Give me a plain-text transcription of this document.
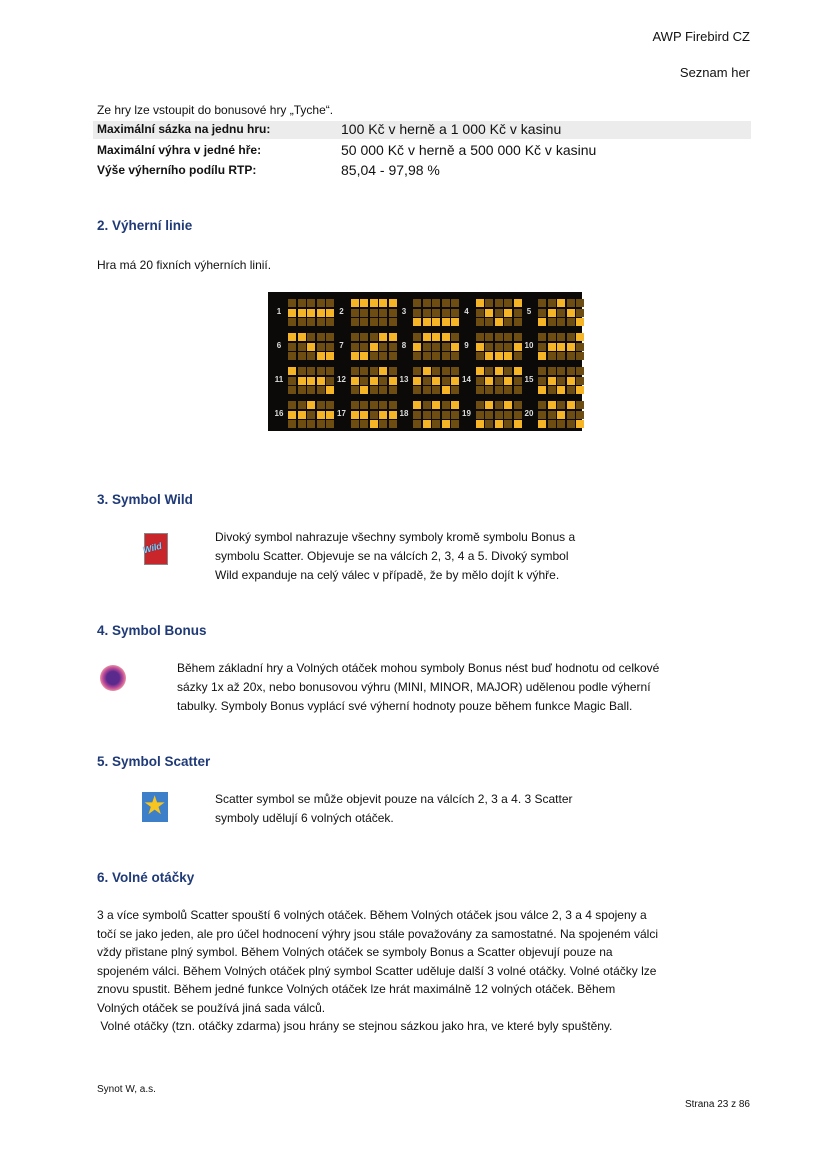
AWP Firebird CZ
Seznam her
Ze hry lze vstoupit do bonusové hry „Tyche“.
Maximální sázka na jednu hru:	100 Kč v herně a 1 000 Kč v kasinu
Maximální výhra v jedné hře:	50 000 Kč v herně a 500 000 Kč v kasinu
Výše výherního podílu RTP:	85,04 - 97,98 %
2. Výherní linie
Hra má 20 fixních výherních linií.
1	2	3	4	5
6	7	8	9	10
11	12	13	14	15
16	17	18	19	20
3. Symbol Wild
Wild
Divoký symbol nahrazuje všechny symboly kromě symbolu Bonus a
symbolu Scatter. Objevuje se na válcích 2, 3, 4 a 5. Divoký symbol
Wild expanduje na celý válec v případě, že by mělo dojít k výhře.
4. Symbol Bonus
Během základní hry a Volných otáček mohou symboly Bonus nést buď hodnotu od celkové
sázky 1x až 20x, nebo bonusovou výhru (MINI, MINOR, MAJOR) udělenou podle výherní
tabulky. Symboly Bonus vyplácí své výherní hodnoty pouze během funkce Magic Ball.
5. Symbol Scatter
★	Scatter symbol se může objevit pouze na válcích 2, 3 a 4. 3 Scatter
symboly udělují 6 volných otáček.
6. Volné otáčky
3 a více symbolů Scatter spouští 6 volných otáček. Během Volných otáček jsou válce 2, 3 a 4 spojeny a
točí se jako jeden, ale pro účel hodnocení výhry jsou stále považovány za samostatné. Na spojeném válci
vždy přistane plný symbol. Během Volných otáček se symboly Bonus a Scatter objevují pouze na
spojeném válci. Během Volných otáček plný symbol Scatter uděluje další 3 volné otáčky. Volné otáčky lze
znovu spustit. Během jedné funkce Volných otáček lze hrát maximálně 12 volných otáček. Během
Volných otáček se používá jiná sada válců.
Volné otáčky (tzn. otáčky zdarma) jsou hrány se stejnou sázkou jako hra, ve které byly spuštěny.
Synot W, a.s.
Strana 23 z 86
